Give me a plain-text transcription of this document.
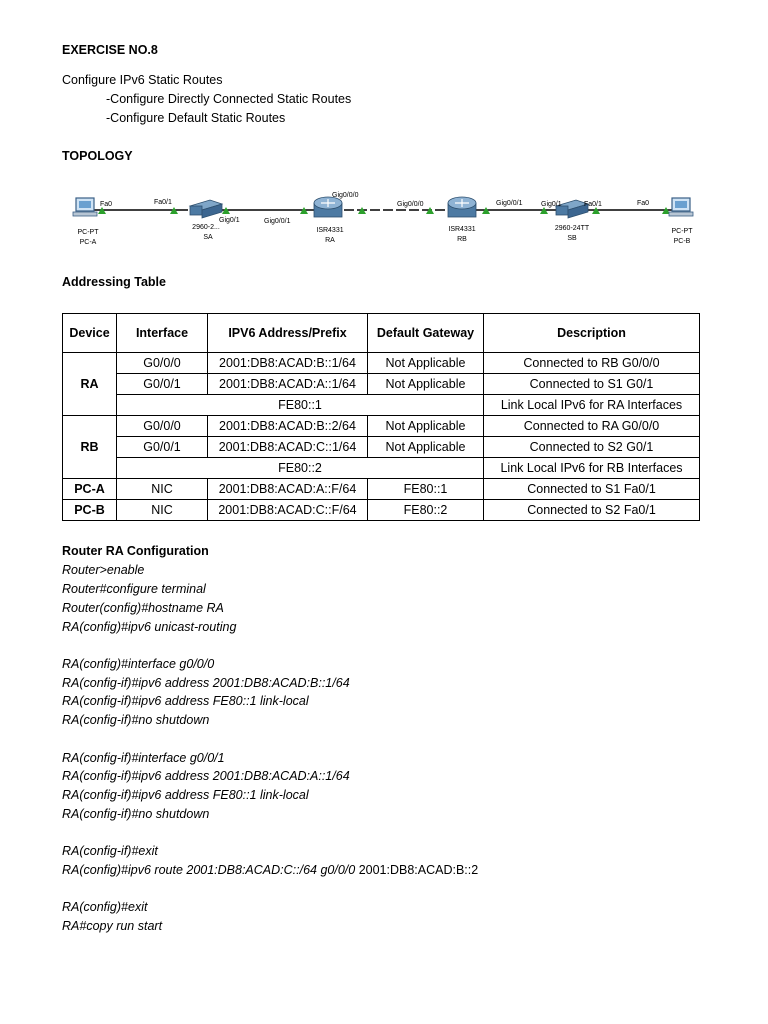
EXERCISE NO.8
Configure IPv6 Static Routes
-Configure Directly Connected Static Routes
-Configure Default Static Routes
TOPOLOGY
Fa0	Fa0/1
Gig0/1	Gig0/0/1
Gig0/0/0
Gig0/0/0	Gig0/0/1	Gig0/1	Fa0/1	Fa0
PC-PT
PC-A
2960-2...
SA
ISR4331
RA
ISR4331
RB
2960-24TT
SB
PC-PT
PC-B
Addressing Table
Device	Interface	IPV6 Address/Prefix	Default Gateway	Description
RA	G0/0/0	2001:DB8:ACAD:B::1/64	Not Applicable	Connected to RB G0/0/0
	G0/0/1	2001:DB8:ACAD:A::1/64	Not Applicable	Connected to S1 G0/1
	FE80::1			Link Local IPv6 for RA Interfaces
RB	G0/0/0	2001:DB8:ACAD:B::2/64	Not Applicable	Connected to RA G0/0/0
	G0/0/1	2001:DB8:ACAD:C::1/64	Not Applicable	Connected to S2 G0/1
	FE80::2			Link Local IPv6 for RB Interfaces
PC-A	NIC	2001:DB8:ACAD:A::F/64	FE80::1	Connected to S1 Fa0/1
PC-B	NIC	2001:DB8:ACAD:C::F/64	FE80::2	Connected to S2 Fa0/1
Router RA Configuration
Router>enable
Router#configure terminal
Router(config)#hostname RA
RA(config)#ipv6 unicast-routing
RA(config)#interface g0/0/0
RA(config-if)#ipv6 address 2001:DB8:ACAD:B::1/64
RA(config-if)#ipv6 address FE80::1 link-local
RA(config-if)#no shutdown
RA(config-if)#interface g0/0/1
RA(config-if)#ipv6 address 2001:DB8:ACAD:A::1/64
RA(config-if)#ipv6 address FE80::1 link-local
RA(config-if)#no shutdown
RA(config-if)#exit
RA(config)#ipv6 route 2001:DB8:ACAD:C::/64 g0/0/0 2001:DB8:ACAD:B::2
RA(config)#exit
RA#copy run start
